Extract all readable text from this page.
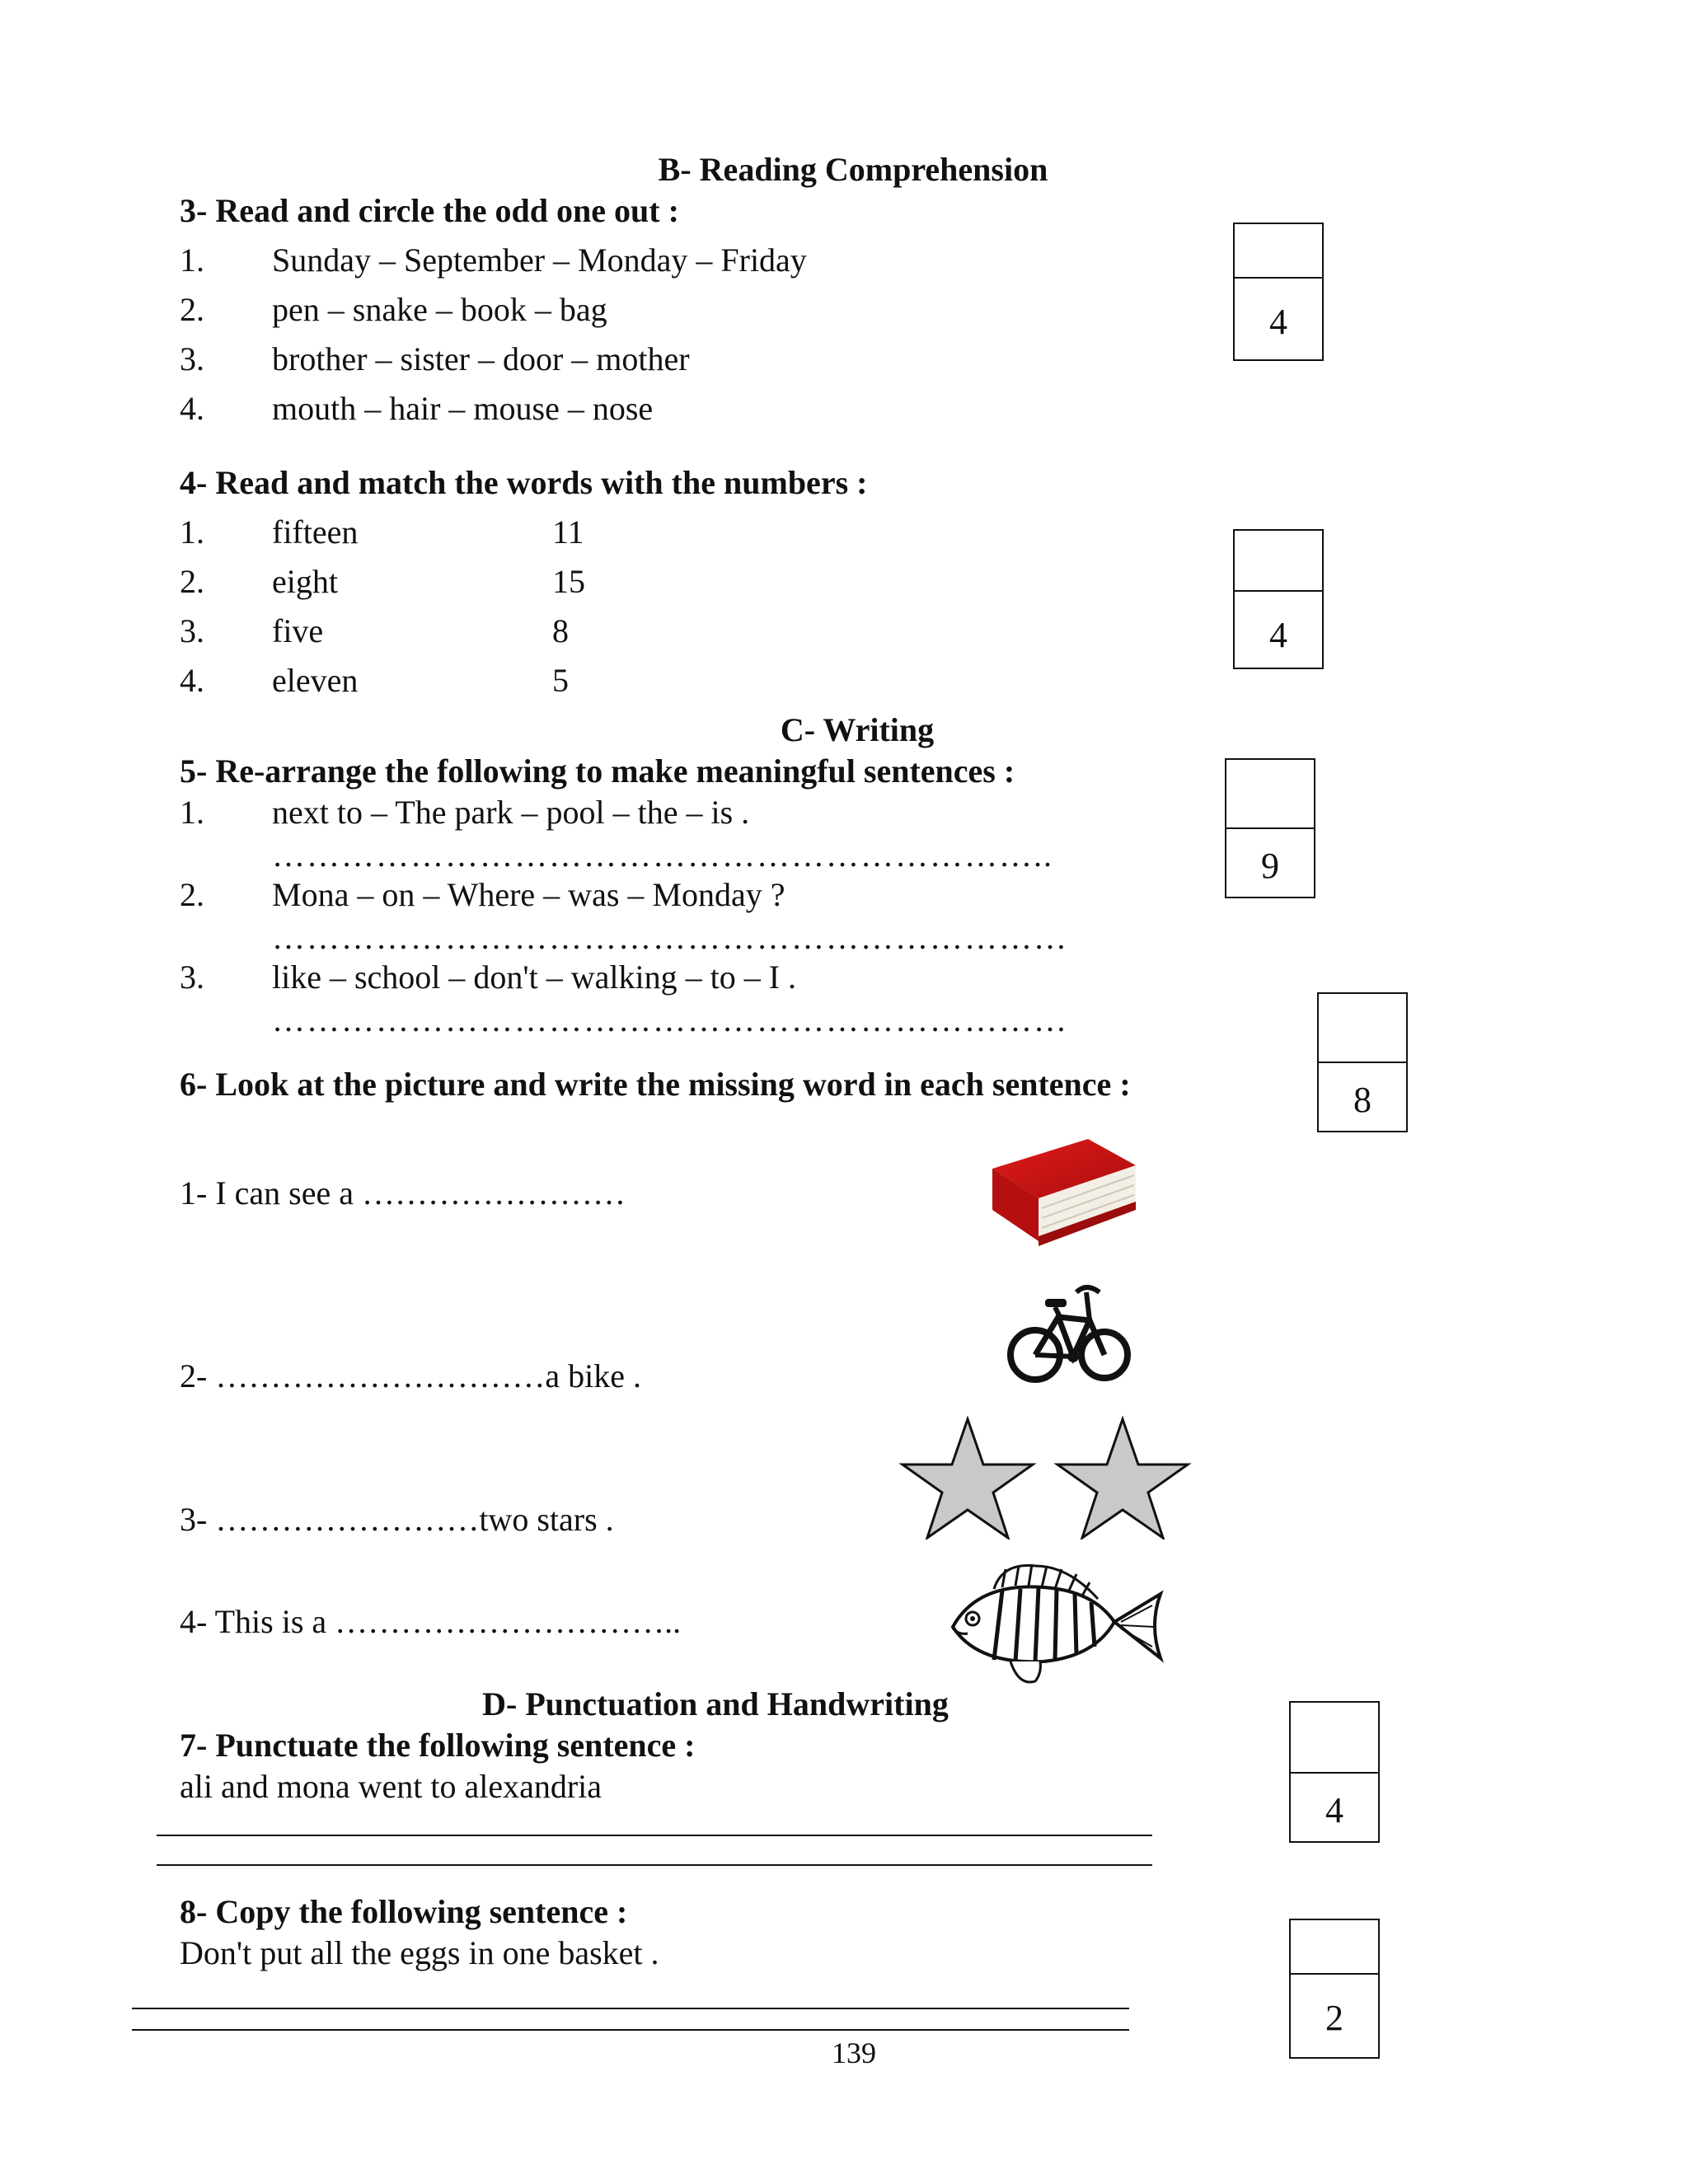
B- Reading Comprehension
3- Read and circle the odd one out :
1. Sunday – September – Monday – Friday
2. pen – snake – book – bag
3. brother – sister – door – mother
4. mouth – hair – mouse – nose
4
4- Read and match the words with the numbers :
1. fifteen	11
2. eight	15
3. five	8
4. eleven	5
4
C- Writing
5- Re-arrange the following to make meaningful sentences :
1. next to – The park – pool – the – is .
…………………………………………………………..
2. Mona – on – Where – was – Monday ?
……………………………………………………………
3. like – school – don't – walking – to – I .
……………………………………………………………
9
6- Look at the picture and write the missing word in each sentence :	8
1- I can see a ……………………
2- …………………………a bike .
3- ……………………two stars .
4- This is a …………………………..
D- Punctuation and Handwriting
7- Punctuate the following sentence :
ali and mona went to alexandria
4
8- Copy the following sentence :
Don't put all the eggs in one basket .
2
139
